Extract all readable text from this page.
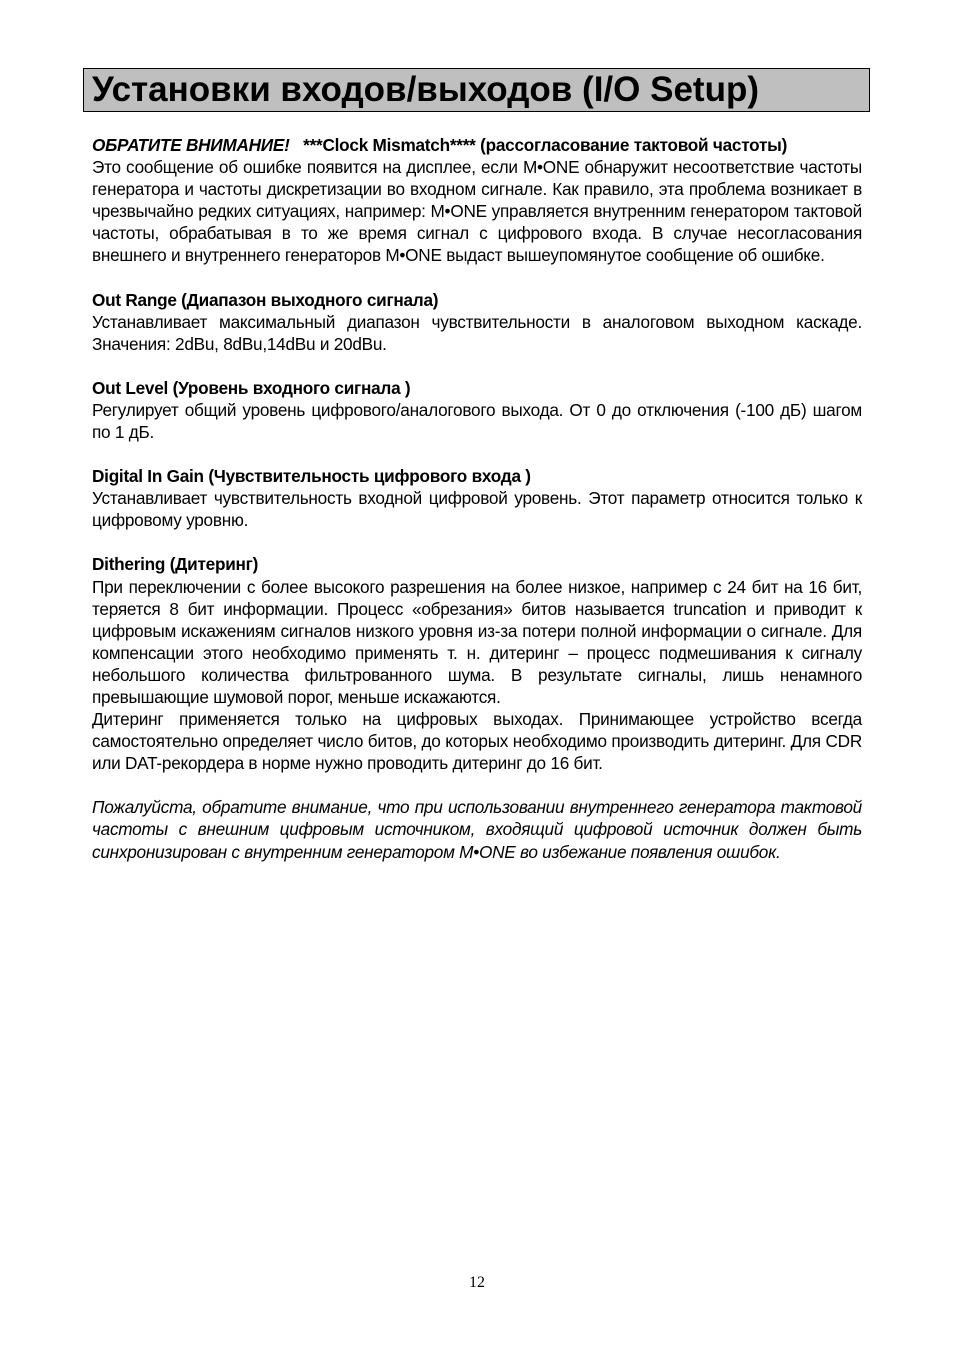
Установки входов/выходов (I/O Setup)
ОБРАТИТЕ ВНИМАНИЕ! ***Clock Mismatch**** (рассогласование тактовой частоты)

Это сообщение об ошибке появится на дисплее, если M•ONE обнаружит несоответствие частоты генератора и частоты дискретизации во входном сигнале. Как правило, эта проблема возникает в чрезвычайно редких ситуациях, например: M•ONE управляется внутренним генератором тактовой частоты, обрабатывая в то же время сигнал с цифрового входа. В случае несогласования внешнего и внутреннего генераторов M•ONE выдаст вышеупомянутое сообщение об ошибке.

Out Range (Диапазон выходного сигнала)

Устанавливает максимальный диапазон чувствительности в аналоговом выходном каскаде. Значения: 2dBu, 8dBu,14dBu и 20dBu.

Out Level (Уровень входного сигнала )

Регулирует общий уровень цифрового/аналогового выхода. От 0 до отключения (-100 дБ) шагом по 1 дБ.

Digital In Gain (Чувствительность цифрового входа )

Устанавливает чувствительность входной цифровой уровень. Этот параметр относится только к цифровому уровню.

Dithering (Дитеринг)

При переключении с более высокого разрешения на более низкое, например с 24 бит на 16 бит, теряется 8 бит информации. Процесс «обрезания» битов называется truncation и приводит к цифровым искажениям сигналов низкого уровня из-за потери полной информации о сигнале. Для компенсации этого необходимо применять т. н. дитеринг – процесс подмешивания к сигналу небольшого количества фильтрованного шума. В результате сигналы, лишь ненамного превышающие шумовой порог, меньше искажаются.

Дитеринг применяется только на цифровых выходах. Принимающее устройство всегда самостоятельно определяет число битов, до которых необходимо производить дитеринг. Для CDR или DAT-рекордера в норме нужно проводить дитеринг до 16 бит.

Пожалуйста, обратите внимание, что при использовании внутреннего генератора тактовой частоты с внешним цифровым источником, входящий цифровой источник должен быть синхронизирован с внутренним генератором M•ONE во избежание появления ошибок.

12
